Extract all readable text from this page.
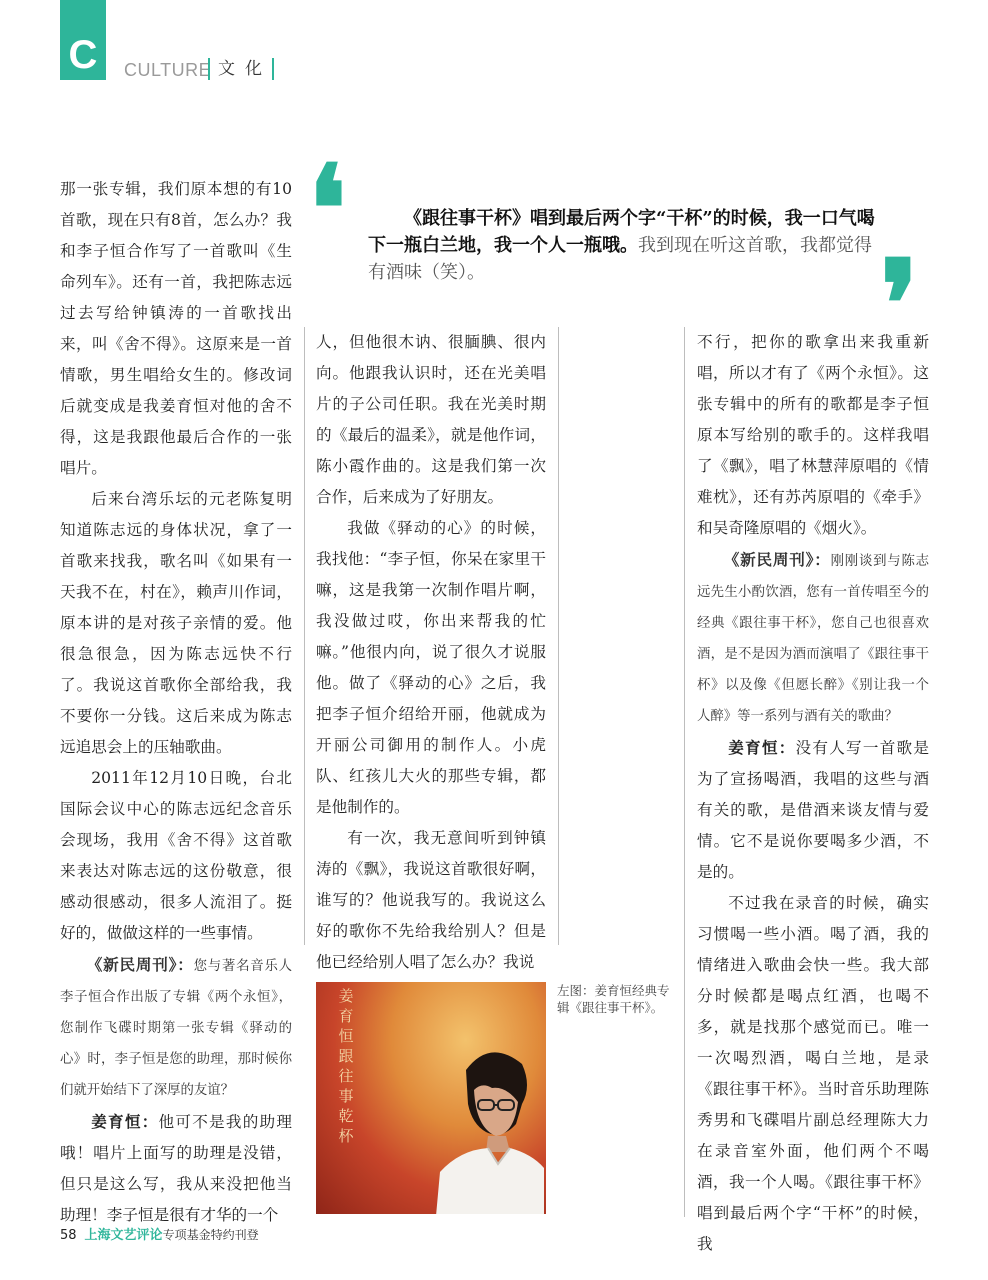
C	CULTURE 文化
❛	《跟往事干杯》唱到最后两个字“干杯”的时候，我一口气喝下一瓶白兰地，我一个人一瓶哦。我到现在听这首歌，我都觉得有酒味（笑）。	❜

那一张专辑，我们原本想的有10首歌，现在只有8首，怎么办？我和李子恒合作写了一首歌叫《生命列车》。还有一首，我把陈志远过去写给钟镇涛的一首歌找出来，叫《舍不得》。这原来是一首情歌，男生唱给女生的。修改词后就变成是我姜育恒对他的舍不得，这是我跟他最后合作的一张唱片。

后来台湾乐坛的元老陈复明知道陈志远的身体状况，拿了一首歌来找我，歌名叫《如果有一天我不在，村在》，赖声川作词，原本讲的是对孩子亲情的爱。他很急很急，因为陈志远快不行了。我说这首歌你全部给我，我不要你一分钱。这后来成为陈志远追思会上的压轴歌曲。

2011年12月10日晚，台北国际会议中心的陈志远纪念音乐会现场，我用《舍不得》这首歌来表达对陈志远的这份敬意，很感动很感动，很多人流泪了。挺好的，做做这样的一些事情。

《新民周刊》：您与著名音乐人李子恒合作出版了专辑《两个永恒》，您制作飞碟时期第一张专辑《驿动的心》时，李子恒是您的助理，那时候你们就开始结下了深厚的友谊？

姜育恒：他可不是我的助理哦！唱片上面写的助理是没错，但只是这么写，我从来没把他当助理！李子恒是很有才华的一个

人，但他很木讷、很腼腆、很内向。他跟我认识时，还在光美唱片的子公司任职。我在光美时期的《最后的温柔》，就是他作词，陈小霞作曲的。这是我们第一次合作，后来成为了好朋友。

我做《驿动的心》的时候，我找他：“李子恒，你呆在家里干嘛，这是我第一次制作唱片啊，我没做过哎，你出来帮我的忙嘛。”他很内向，说了很久才说服他。做了《驿动的心》之后，我把李子恒介绍给开丽，他就成为开丽公司御用的制作人。小虎队、红孩儿大火的那些专辑，都是他制作的。

有一次，我无意间听到钟镇涛的《飘》，我说这首歌很好啊，谁写的？他说我写的。我说这么好的歌你不先给我给别人？但是他已经给别人唱了怎么办？我说

不行，把你的歌拿出来我重新唱，所以才有了《两个永恒》。这张专辑中的所有的歌都是李子恒原本写给别的歌手的。这样我唱了《飘》，唱了林慧萍原唱的《情难枕》，还有苏芮原唱的《牵手》和吴奇隆原唱的《烟火》。

《新民周刊》：刚刚谈到与陈志远先生小酌饮酒，您有一首传唱至今的经典《跟往事干杯》，您自己也很喜欢酒，是不是因为酒而演唱了《跟往事干杯》以及像《但愿长醉》《别让我一个人醉》等一系列与酒有关的歌曲？

姜育恒：没有人写一首歌是为了宣扬喝酒，我唱的这些与酒有关的歌，是借酒来谈友情与爱情。它不是说你要喝多少酒，不是的。

不过我在录音的时候，确实习惯喝一些小酒。喝了酒，我的情绪进入歌曲会快一些。我大部分时候都是喝点红酒，也喝不多，就是找那个感觉而已。唯一一次喝烈酒，喝白兰地，是录《跟往事干杯》。当时音乐助理陈秀男和飞碟唱片副总经理陈大力在录音室外面，他们两个不喝酒，我一个人喝。《跟往事干杯》唱到最后两个字“干杯”的时候，我

姜育恒跟往事乾杯
左图：姜育恒经典专辑《跟往事干杯》。
58 上海文艺评论专项基金特约刊登
